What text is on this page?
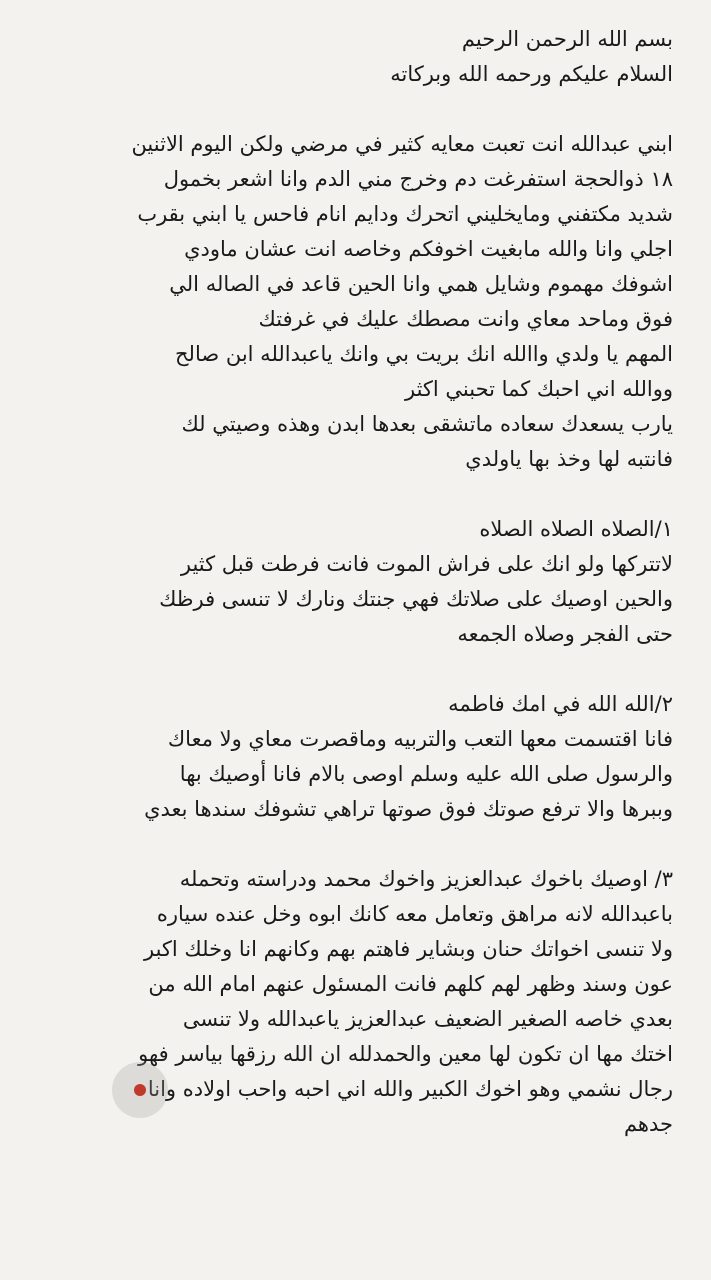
بسم الله الرحمن الرحيم
السلام عليكم ورحمه الله وبركاته
ابني عبدالله انت تعبت معايه كثير في مرضي ولكن اليوم الاثنين
١٨ ذوالحجة استفرغت دم وخرج مني الدم وانا اشعر بخمول
شديد مكتفني ومايخليني اتحرك ودايم انام فاحس يا ابني بقرب
اجلي وانا والله مابغيت اخوفكم وخاصه انت عشان ماودي
اشوفك مهموم وشايل همي وانا الحين قاعد في الصاله الي
فوق وماحد معاي وانت مصطك عليك في غرفتك
المهم يا ولدي واالله انك بريت بي وانك ياعبدالله ابن صالح
ووالله اني احبك كما تحبني اكثر
يارب يسعدك سعاده ماتشقى بعدها ابدن وهذه وصيتي لك
فانتبه لها وخذ بها ياولدي
١/الصلاه الصلاه الصلاه
لاتتركها ولو انك على فراش الموت فانت فرطت قبل كثير
والحين اوصيك على صلاتك فهي جنتك ونارك لا تنسى فرظك
حتى الفجر وصلاه الجمعه
٢/الله الله في امك فاطمه
فانا اقتسمت معها التعب والتربيه وماقصرت معاي ولا معاك
والرسول صلى الله عليه وسلم اوصى بالام فانا أوصيك بها
وببرها والا ترفع صوتك فوق صوتها تراهي تشوفك سندها بعدي
٣/ اوصيك باخوك عبدالعزيز واخوك محمد ودراسته وتحمله
باعبدالله لانه مراهق وتعامل معه كانك ابوه وخل عنده سياره
ولا تنسى اخواتك حنان وبشاير فاهتم بهم وكانهم انا وخلك اكبر
عون وسند وظهر لهم كلهم فانت المسئول عنهم امام الله من
بعدي خاصه الصغير الضعيف عبدالعزيز ياعبدالله ولا تنسى
اختك مها ان تكون لها معين والحمدلله ان الله رزقها بياسر فهو
رجال نشمي وهو اخوك الكبير والله اني احبه واحب اولاده وانا
جدهم
